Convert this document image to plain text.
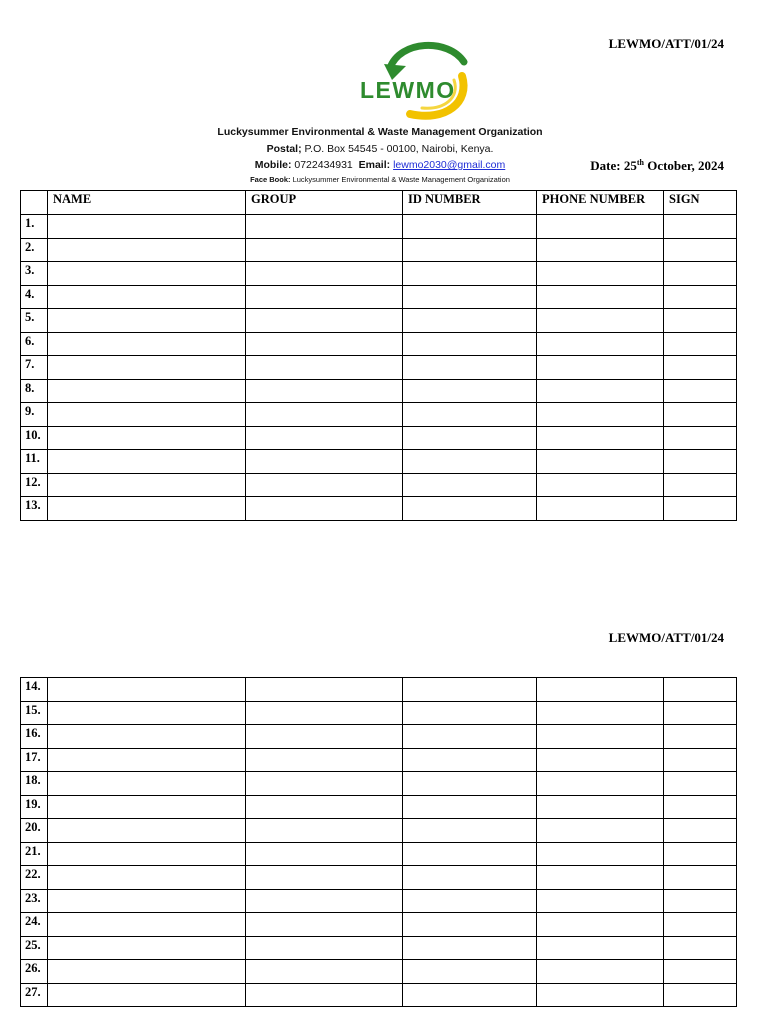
LEWMO/ATT/01/24
LEWMO
Luckysummer Environmental & Waste Management Organization
Postal; P.O. Box 54545 - 00100, Nairobi, Kenya.
Mobile: 0722434931 Email: lewmo2030@gmail.com
Face Book: Luckysummer Environmental & Waste Management Organization
Date: 25th October, 2024
	NAME	GROUP	ID NUMBER	PHONE NUMBER	SIGN
1.					
2.					
3.					
4.					
5.					
6.					
7.					
8.					
9.					
10.					
11.					
12.					
13.					
LEWMO/ATT/01/24
14.					
15.					
16.					
17.					
18.					
19.					
20.					
21.					
22.					
23.					
24.					
25.					
26.					
27.					
